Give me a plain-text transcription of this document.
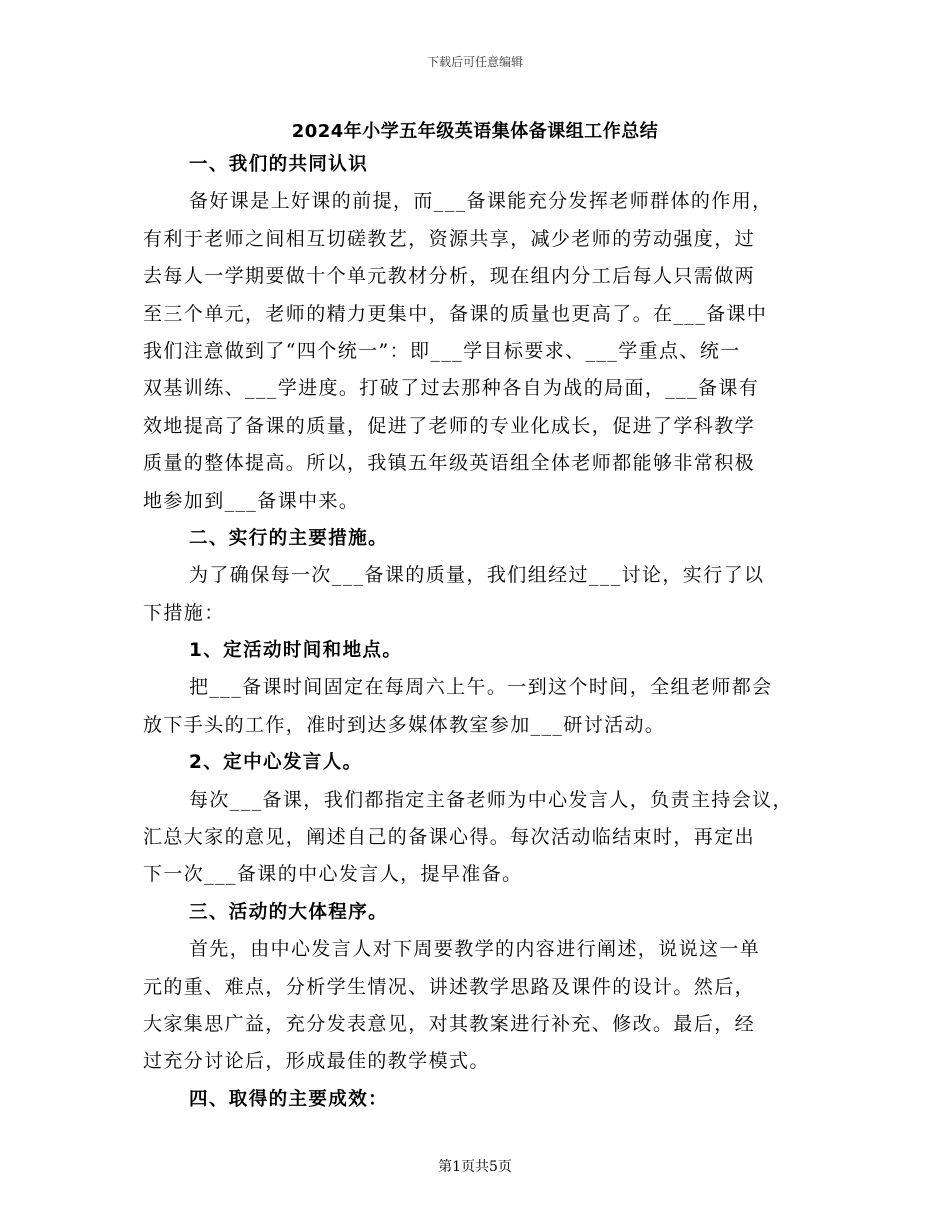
下载后可任意编辑
2024年小学五年级英语集体备课组工作总结
一、我们的共同认识
备好课是上好课的前提，而___备课能充分发挥老师群体的作用，
有利于老师之间相互切磋教艺，资源共享，减少老师的劳动强度，过
去每人一学期要做十个单元教材分析，现在组内分工后每人只需做两
至三个单元，老师的精力更集中，备课的质量也更高了。在___备课中
我们注意做到了“四个统一”：即___学目标要求、___学重点、统一
双基训练、___学进度。打破了过去那种各自为战的局面，___备课有
效地提高了备课的质量，促进了老师的专业化成长，促进了学科教学
质量的整体提高。所以，我镇五年级英语组全体老师都能够非常积极
地参加到___备课中来。
二、实行的主要措施。
为了确保每一次___备课的质量，我们组经过___讨论，实行了以
下措施：
1、定活动时间和地点。
把___备课时间固定在每周六上午。一到这个时间，全组老师都会
放下手头的工作，准时到达多媒体教室参加___研讨活动。
2、定中心发言人。
每次___备课，我们都指定主备老师为中心发言人，负责主持会议，
汇总大家的意见，阐述自己的备课心得。每次活动临结束时，再定出
下一次___备课的中心发言人，提早准备。
三、活动的大体程序。
首先，由中心发言人对下周要教学的内容进行阐述，说说这一单
元的重、难点，分析学生情况、讲述教学思路及课件的设计。然后，
大家集思广益，充分发表意见，对其教案进行补充、修改。最后，经
过充分讨论后，形成最佳的教学模式。
四、取得的主要成效：
第1页共5页
